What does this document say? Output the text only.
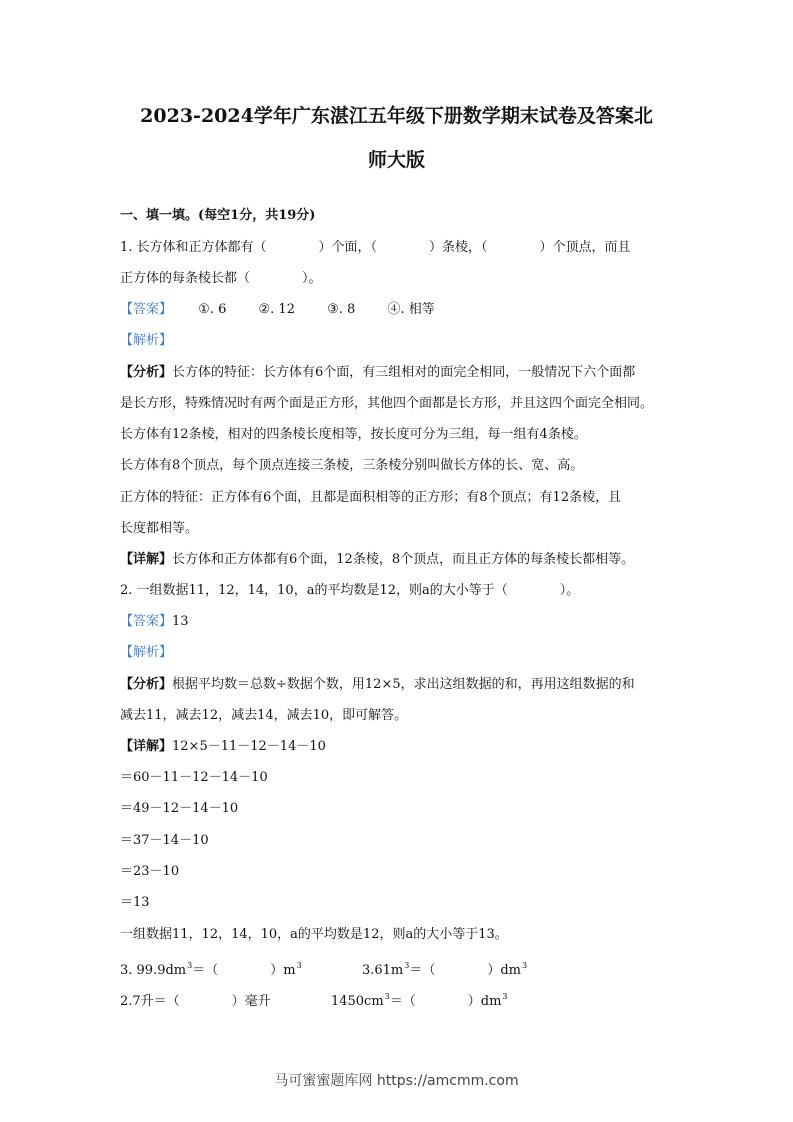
2023-2024学年广东湛江五年级下册数学期末试卷及答案北
师大版
一、填一填。(每空1分，共19分)
1. 长方体和正方体都有（　　　　）个面，（　　　　）条棱，（　　　　）个顶点，而且
正方体的每条棱长都（　　　　）。
【答案】 ①. 6 ②. 12 ③. 8 ④. 相等
【解析】
【分析】长方体的特征：长方体有6个面，有三组相对的面完全相同，一般情况下六个面都
是长方形，特殊情况时有两个面是正方形，其他四个面都是长方形，并且这四个面完全相同。
长方体有12条棱，相对的四条棱长度相等，按长度可分为三组，每一组有4条棱。
长方体有8个顶点，每个顶点连接三条棱，三条棱分别叫做长方体的长、宽、高。
正方体的特征：正方体有6个面，且都是面积相等的正方形；有8个顶点；有12条棱，且
长度都相等。
【详解】长方体和正方体都有6个面，12条棱，8个顶点，而且正方体的每条棱长都相等。
2. 一组数据11，12，14，10，a的平均数是12，则a的大小等于（　　　　）。
【答案】13
【解析】
【分析】根据平均数＝总数÷数据个数，用12×5，求出这组数据的和，再用这组数据的和
减去11，减去12，减去14，减去10，即可解答。
【详解】12×5－11－12－14－10
＝60－11－12－14－10
＝49－12－14－10
＝37－14－10
＝23－10
＝13
一组数据11，12，14，10，a的平均数是12，则a的大小等于13。
3. $99.9dm^3=$（　　　　）$m^3$	$3.61m^3=$（　　　　）$dm^3$
2.7升＝（　　　　）毫升	$1450cm^3=$（　　　　）$dm^3$
马可蜜蜜题库网 https://amcmm.com
